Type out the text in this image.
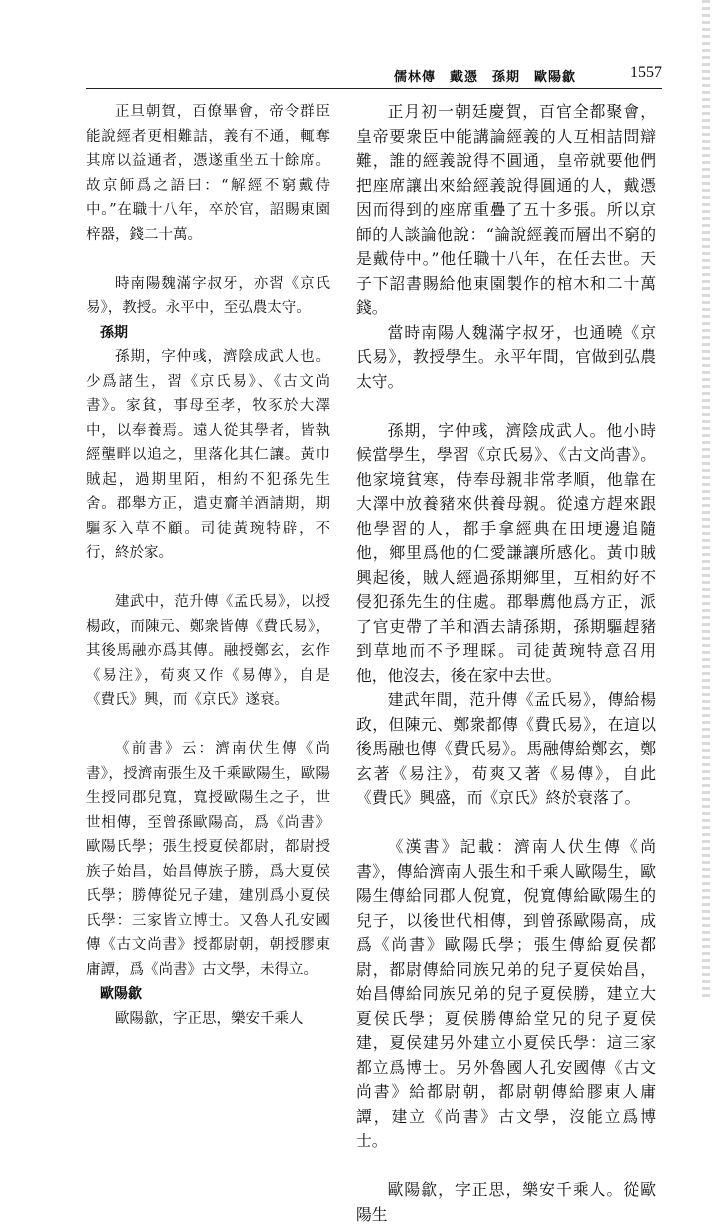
儒林傳　戴憑　孫期　歐陽歙	1557

正旦朝賀，百僚畢會，帝令群臣能說經者更相難詰，義有不通，輒奪其席以益通者，憑遂重坐五十餘席。故京師爲之語曰：“解經不窮戴侍中。”在職十八年，卒於官，詔賜東園梓器，錢二十萬。

時南陽魏滿字叔牙，亦習《京氏易》，教授。永平中，至弘農太守。

孫期

孫期，字仲彧，濟陰成武人也。少爲諸生，習《京氏易》、《古文尚書》。家貧，事母至孝，牧豕於大澤中，以奉養焉。遠人從其學者，皆執經壟畔以追之，里落化其仁讓。黃巾賊起，過期里陌，相約不犯孫先生舍。郡舉方正，遣吏齎羊酒請期，期驅豕入草不顧。司徒黃琬特辟，不行，終於家。

建武中，范升傳《孟氏易》，以授楊政，而陳元、鄭衆皆傳《費氏易》，其後馬融亦爲其傳。融授鄭玄，玄作《易注》，荀爽又作《易傳》，自是《費氏》興，而《京氏》遂衰。

《前書》云：濟南伏生傳《尚書》，授濟南張生及千乘歐陽生，歐陽生授同郡兒寬，寬授歐陽生之子，世世相傳，至曾孫歐陽高，爲《尚書》歐陽氏學；張生授夏侯都尉，都尉授族子始昌，始昌傳族子勝，爲大夏侯氏學；勝傳從兄子建，建別爲小夏侯氏學：三家皆立博士。又魯人孔安國傳《古文尚書》授都尉朝，朝授膠東庸譚，爲《尚書》古文學，未得立。

歐陽歙

歐陽歙，字正思，樂安千乘人

正月初一朝廷慶賀，百官全都聚會，皇帝要衆臣中能講論經義的人互相詰問辯難，誰的經義說得不圓通，皇帝就要他們把座席讓出來給經義說得圓通的人，戴憑因而得到的座席重疊了五十多張。所以京師的人談論他說：“論說經義而層出不窮的是戴侍中。”他任職十八年，在任去世。天子下詔書賜給他東園製作的棺木和二十萬錢。

當時南陽人魏滿字叔牙，也通曉《京氏易》，教授學生。永平年間，官做到弘農太守。

孫期，字仲彧，濟陰成武人。他小時候當學生，學習《京氏易》、《古文尚書》。他家境貧寒，侍奉母親非常孝順，他靠在大澤中放養豬來供養母親。從遠方趕來跟他學習的人，都手拿經典在田埂邊追隨他，鄉里爲他的仁愛謙讓所感化。黃巾賊興起後，賊人經過孫期鄉里，互相約好不侵犯孫先生的住處。郡舉薦他爲方正，派了官吏帶了羊和酒去請孫期，孫期驅趕豬到草地而不予理睬。司徒黃琬特意召用他，他沒去，後在家中去世。

建武年間，范升傳《孟氏易》，傳給楊政，但陳元、鄭衆都傳《費氏易》，在這以後馬融也傳《費氏易》。馬融傳給鄭玄，鄭玄著《易注》，荀爽又著《易傳》，自此《費氏》興盛，而《京氏》終於衰落了。

《漢書》記載：濟南人伏生傳《尚書》，傳給濟南人張生和千乘人歐陽生，歐陽生傳給同郡人倪寬，倪寬傳給歐陽生的兒子，以後世代相傳，到曾孫歐陽高，成爲《尚書》歐陽氏學；張生傳給夏侯都尉，都尉傳給同族兄弟的兒子夏侯始昌，始昌傳給同族兄弟的兒子夏侯勝，建立大夏侯氏學；夏侯勝傳給堂兄的兒子夏侯建，夏侯建另外建立小夏侯氏學：這三家都立爲博士。另外魯國人孔安國傳《古文尚書》給都尉朝，都尉朝傳給膠東人庸譚，建立《尚書》古文學，沒能立爲博士。

歐陽歙，字正思，樂安千乘人。從歐陽生
